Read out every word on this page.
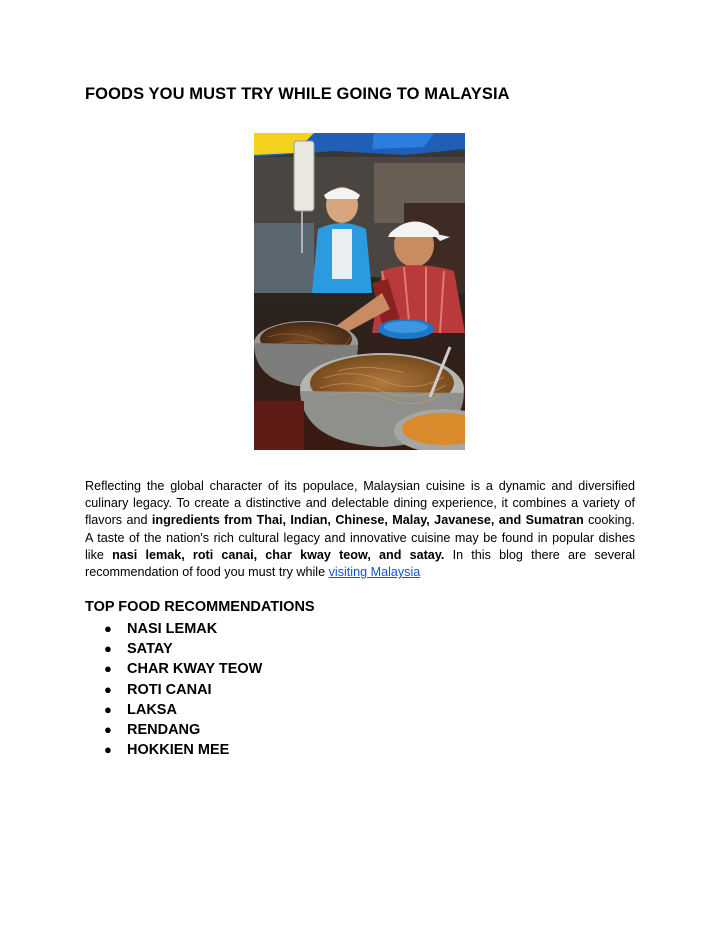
FOODS YOU MUST TRY WHILE GOING TO MALAYSIA

Reflecting the global character of its populace, Malaysian cuisine is a dynamic and diversified culinary legacy. To create a distinctive and delectable dining experience, it combines a variety of flavors and ingredients from Thai, Indian, Chinese, Malay, Javanese, and Sumatran cooking. A taste of the nation's rich cultural legacy and innovative cuisine may be found in popular dishes like nasi lemak, roti canai, char kway teow, and satay. In this blog there are several recommendation of food you must try while visiting Malaysia

TOP FOOD RECOMMENDATIONS
● NASI LEMAK
● SATAY
● CHAR KWAY TEOW
● ROTI CANAI
● LAKSA
● RENDANG
● HOKKIEN MEE
